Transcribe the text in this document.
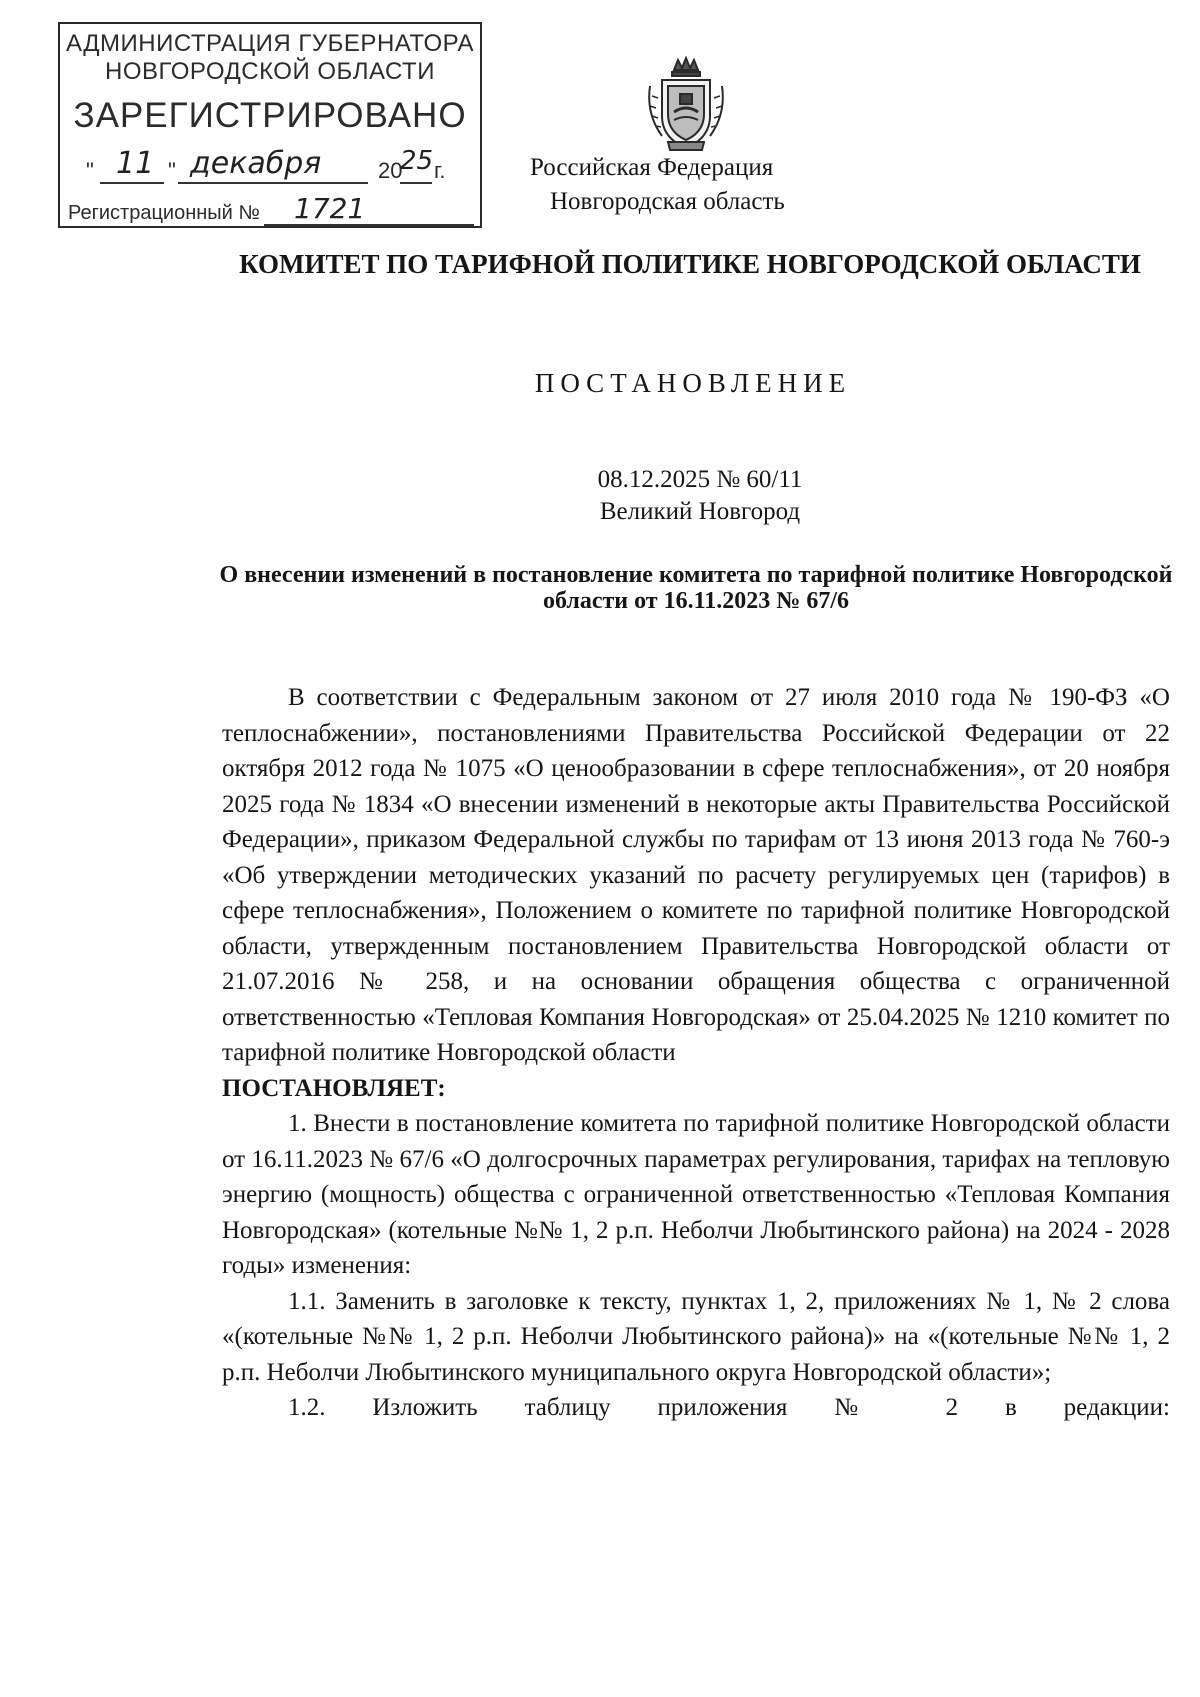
АДМИНИСТРАЦИЯ ГУБЕРНАТОРА
НОВГОРОДСКОЙ ОБЛАСТИ
ЗАРЕГИСТРИРОВАНО
" 11 " декабря	20
25 г.
Регистрационный № 1721
Российская Федерация
Новгородская область
КОМИТЕТ ПО ТАРИФНОЙ ПОЛИТИКЕ НОВГОРОДСКОЙ ОБЛАСТИ
ПОСТАНОВЛЕНИЕ
08.12.2025 № 60/11
Великий Новгород
О внесении изменений в постановление комитета по тарифной политике Новгородской области от 16.11.2023 № 67/6

В соответствии с Федеральным законом от 27 июля 2010 года № 190-ФЗ «О теплоснабжении», постановлениями Правительства Российской Федерации от 22 октября 2012 года № 1075 «О ценообразовании в сфере теплоснабжения», от 20 ноября 2025 года № 1834 «О внесении изменений в некоторые акты Правительства Российской Федерации», приказом Федеральной службы по тарифам от 13 июня 2013 года № 760-э «Об утверждении методических указаний по расчету регулируемых цен (тарифов) в сфере теплоснабжения», Положением о комитете по тарифной политике Новгородской области, утвержденным постановлением Правительства Новгородской области от 21.07.2016 № 258, и на основании обращения общества с ограниченной ответственностью «Тепловая Компания Новгородская» от 25.04.2025 № 1210 комитет по тарифной политике Новгородской области

ПОСТАНОВЛЯЕТ:

1. Внести в постановление комитета по тарифной политике Новгородской области от 16.11.2023 № 67/6 «О долгосрочных параметрах регулирования, тарифах на тепловую энергию (мощность) общества с ограниченной ответственностью «Тепловая Компания Новгородская» (котельные №№ 1, 2 р.п. Неболчи Любытинского района) на 2024 - 2028 годы» изменения:

1.1. Заменить в заголовке к тексту, пунктах 1, 2, приложениях № 1, № 2 слова «(котельные №№ 1, 2 р.п. Неболчи Любытинского района)» на «(котельные №№ 1, 2 р.п. Неболчи Любытинского муниципального округа Новгородской области»;

1.2. Изложить таблицу приложения № 2 в редакции:
